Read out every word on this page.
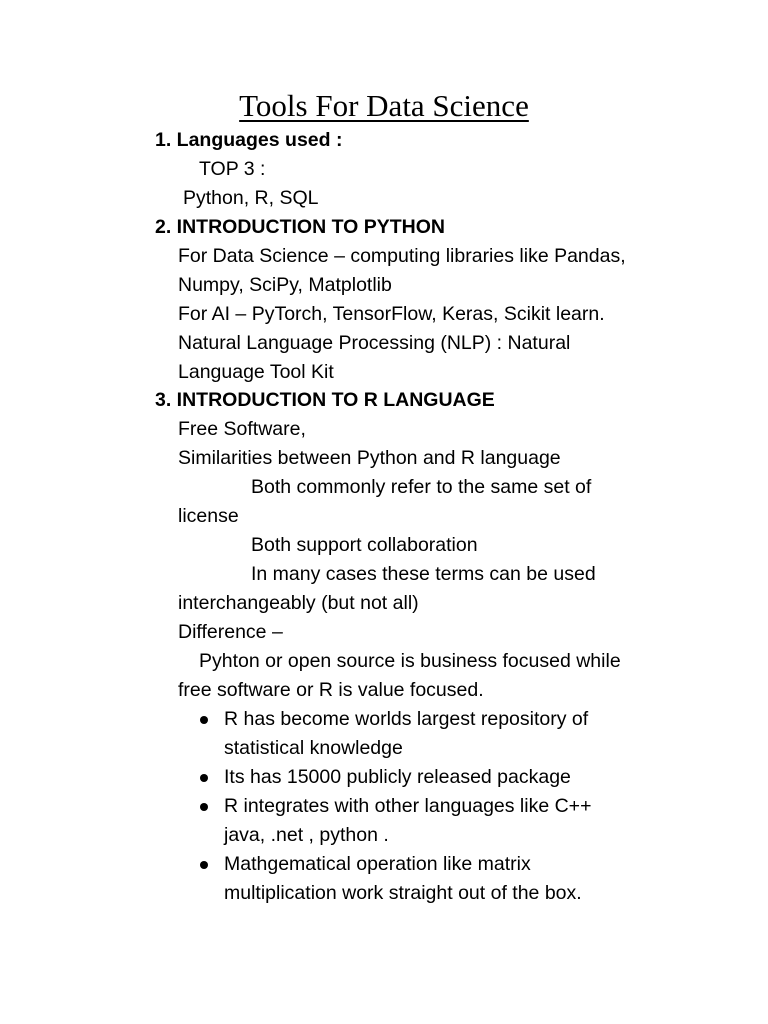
Tools For Data Science
1. Languages used :
TOP 3 :
Python, R, SQL
2. INTRODUCTION TO PYTHON
For Data Science – computing libraries like Pandas,
Numpy, SciPy, Matplotlib
For AI – PyTorch, TensorFlow, Keras, Scikit learn.
Natural Language Processing (NLP) : Natural
Language Tool Kit
3. INTRODUCTION TO R LANGUAGE
Free Software,
Similarities between Python and R language
Both commonly refer to the same set of
license
Both support collaboration
In many cases these terms can be used
interchangeably (but not all)
Difference –
Pyhton or open source is business focused while
free software or R is value focused.
R has become worlds largest repository of
statistical knowledge
Its has 15000 publicly released package
R integrates with other languages like C++
java, .net , python .
Mathgematical operation like matrix
multiplication work straight out of the box.
